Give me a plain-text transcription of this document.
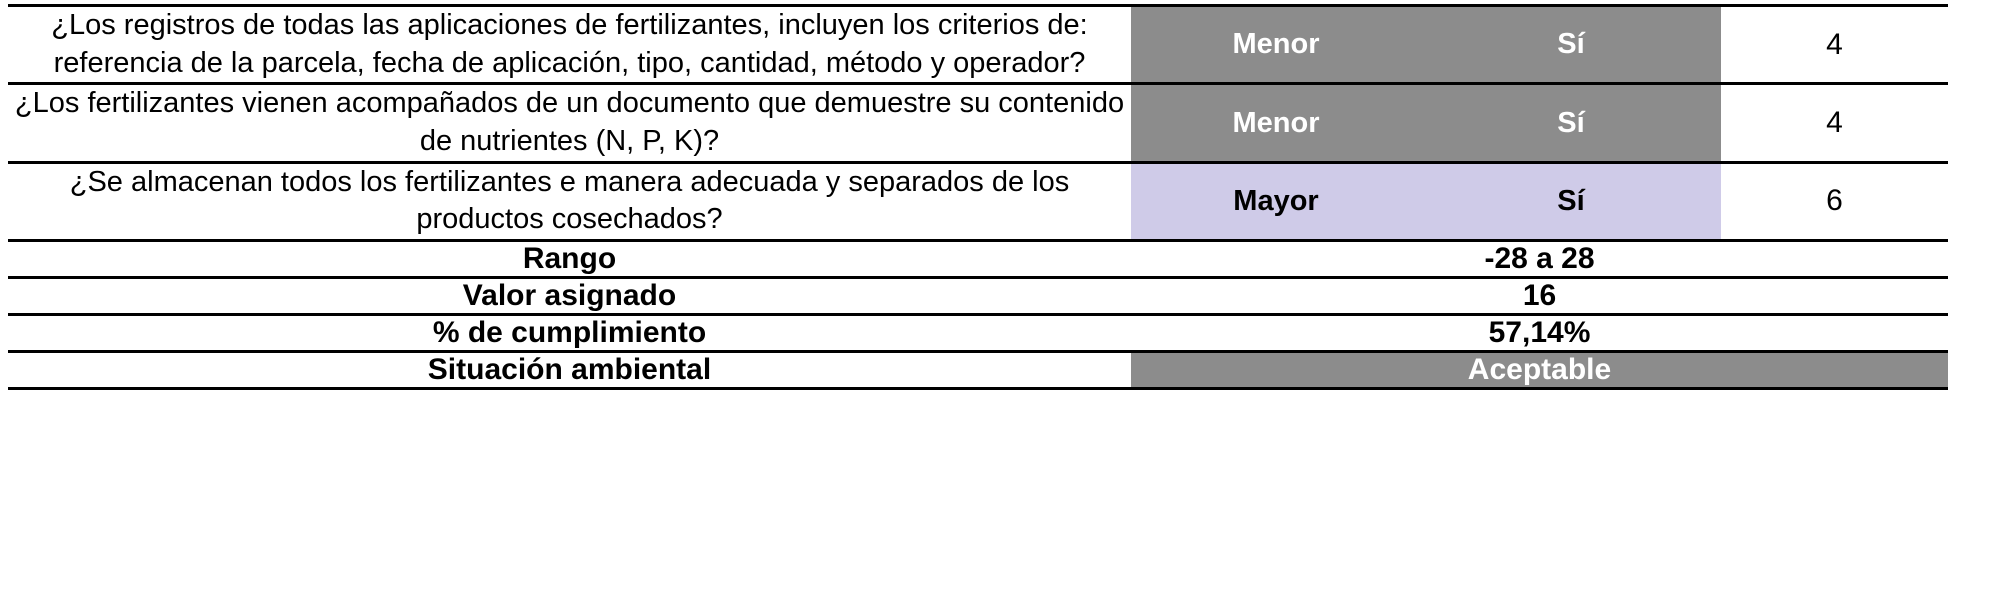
¿Los registros de todas las aplicaciones de fertilizantes, incluyen los criterios de: referencia de la parcela, fecha de aplicación, tipo, cantidad, método y operador?	Menor	Sí	4
¿Los fertilizantes vienen acompañados de un documento que demuestre su contenido de nutrientes (N, P, K)?	Menor	Sí	4
¿Se almacenan todos los fertilizantes e manera adecuada y separados de los productos cosechados?	Mayor	Sí	6
Rango	-28 a 28		
Valor asignado	16		
% de cumplimiento	57,14%		
Situación ambiental	Aceptable		
